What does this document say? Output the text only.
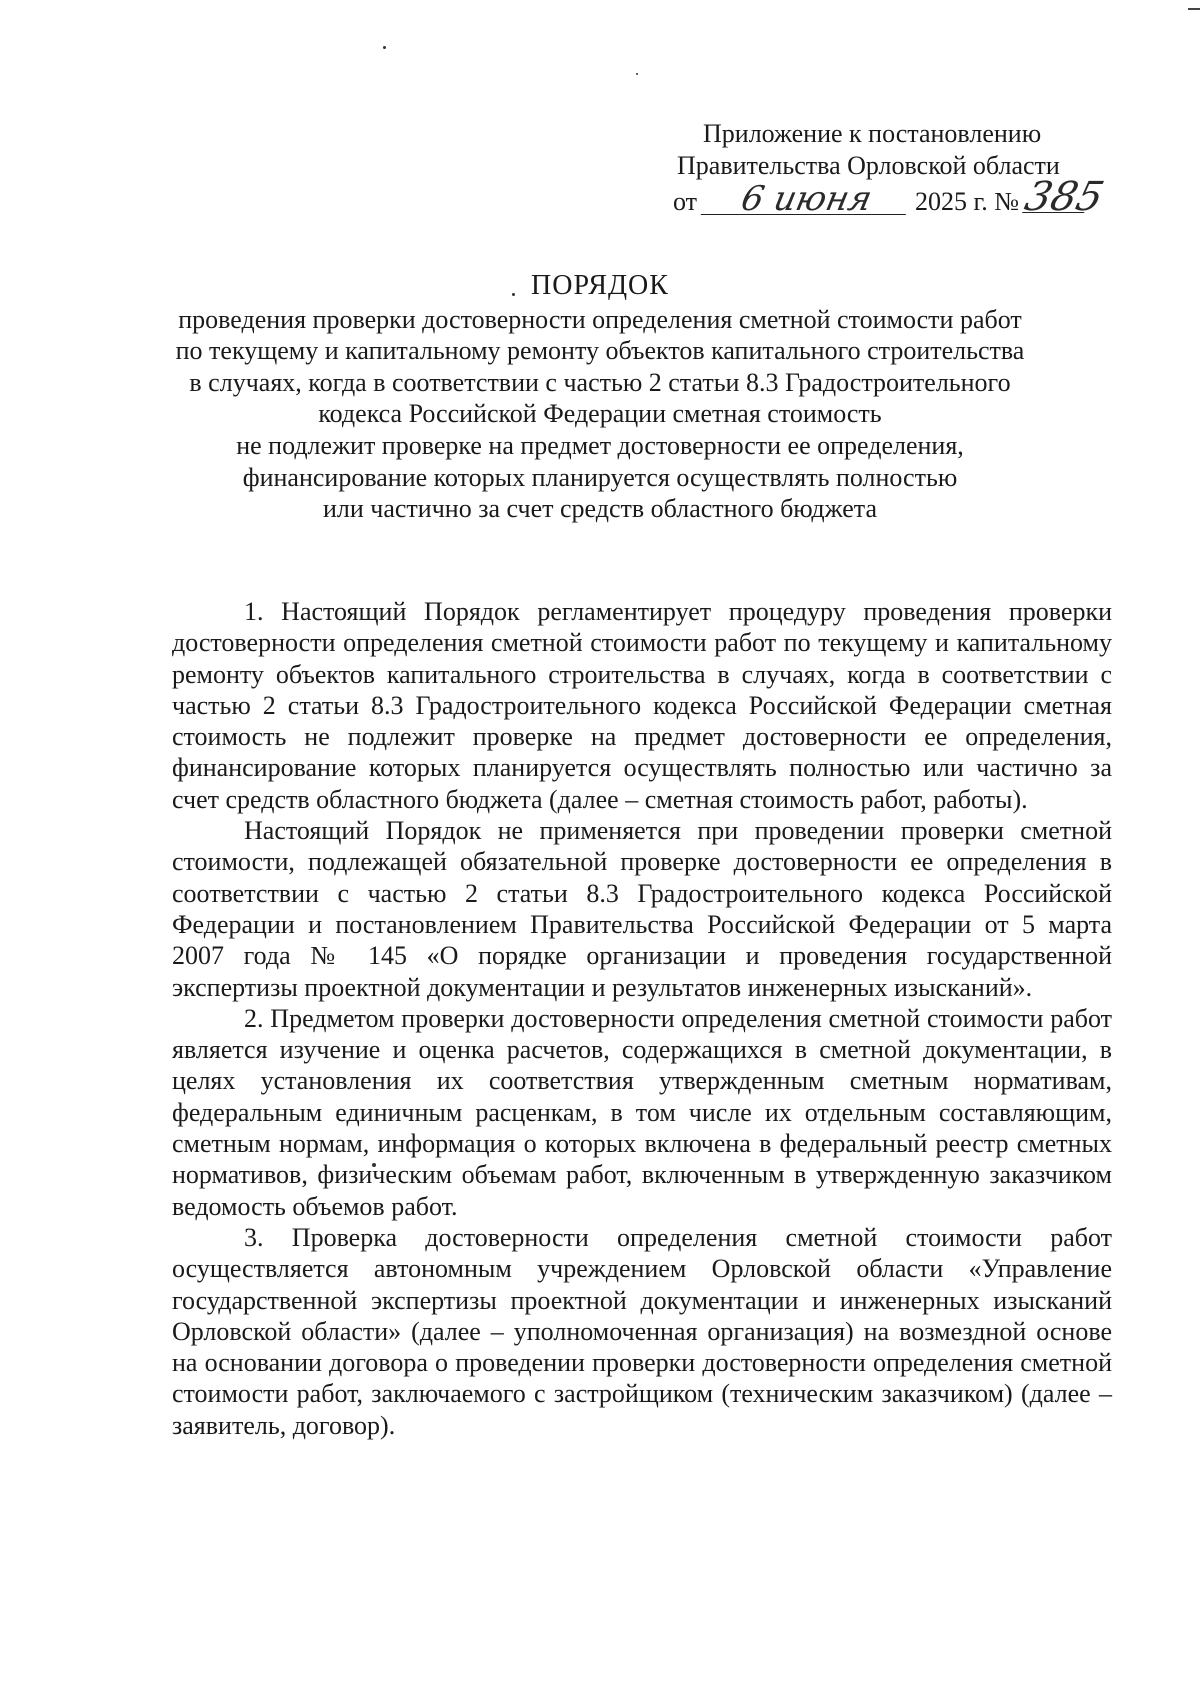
Приложение к постановлению
Правительства Орловской области
от 6 июня 2025 г. № 385
ПОРЯДОК
проведения проверки достоверности определения сметной стоимости работ
по текущему и капитальному ремонту объектов капитального строительства
в случаях, когда в соответствии с частью 2 статьи 8.3 Градостроительного
кодекса Российской Федерации сметная стоимость
не подлежит проверке на предмет достоверности ее определения,
финансирование которых планируется осуществлять полностью
или частично за счет средств областного бюджета

1. Настоящий Порядок регламентирует процедуру проведения проверки достоверности определения сметной стоимости работ по текущему и капитальному ремонту объектов капитального строительства в случаях, когда в соответствии с частью 2 статьи 8.3 Градостроительного кодекса Российской Федерации сметная стоимость не подлежит проверке на предмет достоверности ее определения, финансирование которых планируется осуществлять полностью или частично за счет средств областного бюджета (далее – сметная стоимость работ, работы).

Настоящий Порядок не применяется при проведении проверки сметной стоимости, подлежащей обязательной проверке достоверности ее определения в соответствии с частью 2 статьи 8.3 Градостроительного кодекса Российской Федерации и постановлением Правительства Российской Федерации от 5 марта 2007 года № 145 «О порядке организации и проведения государственной экспертизы проектной документации и результатов инженерных изысканий».

2. Предметом проверки достоверности определения сметной стоимости работ является изучение и оценка расчетов, содержащихся в сметной документации, в целях установления их соответствия утвержденным сметным нормативам, федеральным единичным расценкам, в том числе их отдельным составляющим, сметным нормам, информация о которых включена в федеральный реестр сметных нормативов, физическим объемам работ, включенным в утвержденную заказчиком ведомость объемов работ.

3. Проверка достоверности определения сметной стоимости работ осуществляется автономным учреждением Орловской области «Управление государственной экспертизы проектной документации и инженерных изысканий Орловской области» (далее – уполномоченная организация) на возмездной основе на основании договора о проведении проверки достоверности определения сметной стоимости работ, заключаемого с застройщиком (техническим заказчиком) (далее – заявитель, договор).
